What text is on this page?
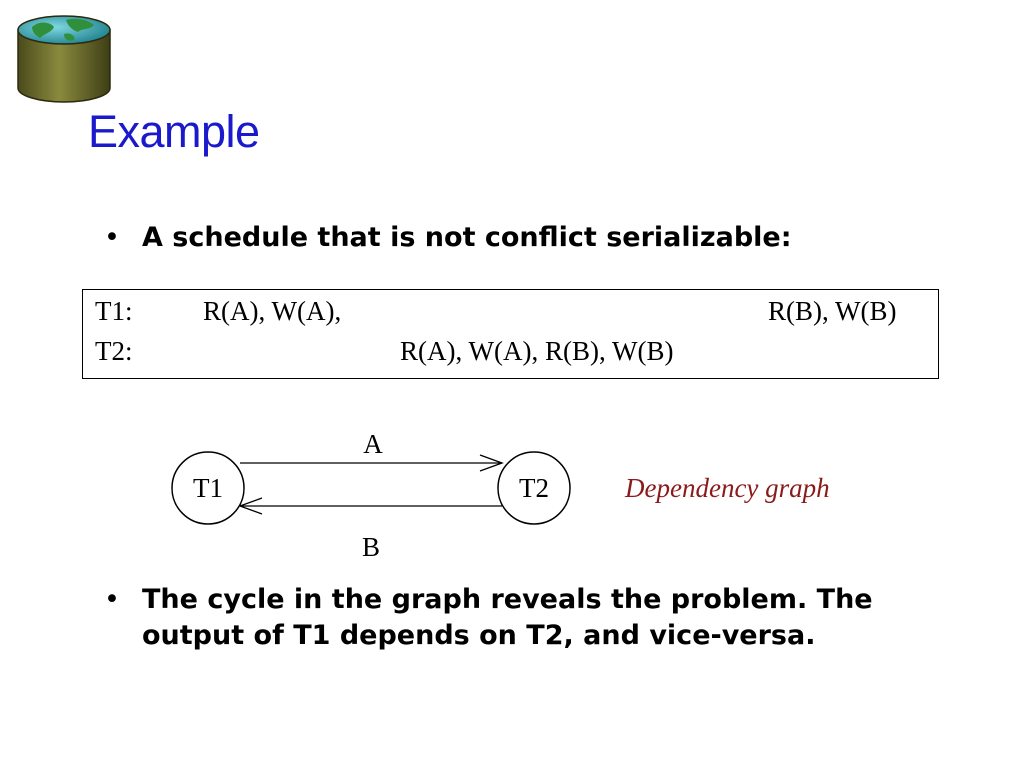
Example
• A schedule that is not conflict serializable:
T1:	R(A), W(A),	R(B), W(B)
T2:	R(A), W(A), R(B), W(B)
T1	T2
A
B
Dependency graph
• The cycle in the graph reveals the problem. The output of T1 depends on T2, and vice-versa.
